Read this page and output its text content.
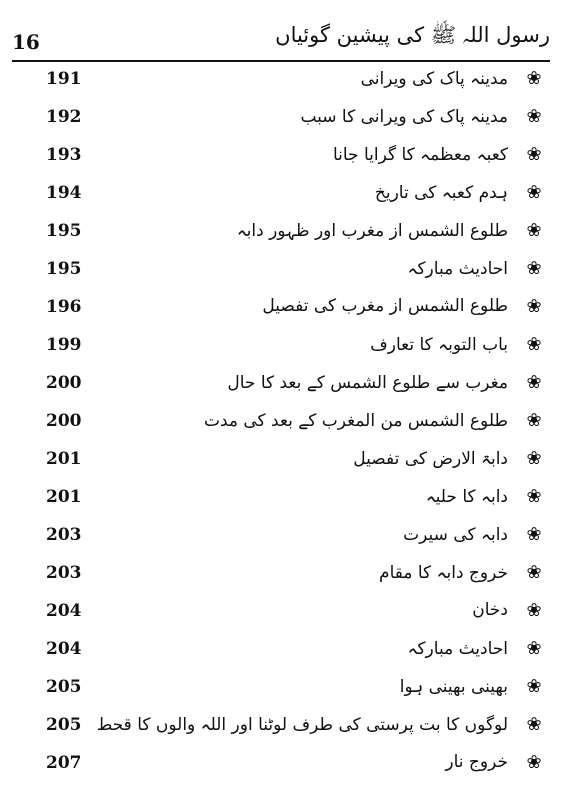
16	رسول اللہ ﷺ کی پیشین گوئیاں
191	مدینہ پاک کی ویرانی ❀
192	مدینہ پاک کی ویرانی کا سبب ❀
193	کعبہ معظمہ کا گرایا جانا ❀
194	ہدم کعبہ کی تاریخ ❀
195	طلوع الشمس از مغرب اور ظہور دابہ ❀
195	احادیث مبارکہ ❀
196	طلوع الشمس از مغرب کی تفصیل ❀
199	باب التوبہ کا تعارف ❀
200	مغرب سے طلوع الشمس کے بعد کا حال ❀
200	طلوع الشمس من المغرب کے بعد کی مدت ❀
201	دابۃ الارض کی تفصیل ❀
201	دابہ کا حلیہ ❀
203	دابہ کی سیرت ❀
203	خروج دابہ کا مقام ❀
204	دخان ❀
204	احادیث مبارکہ ❀
205	بھینی بھینی ہوا ❀
205 لوگوں کا بت پرستی کی طرف لوٹنا اور اللہ والوں کا قحط ❀
207	خروج نار ❀
